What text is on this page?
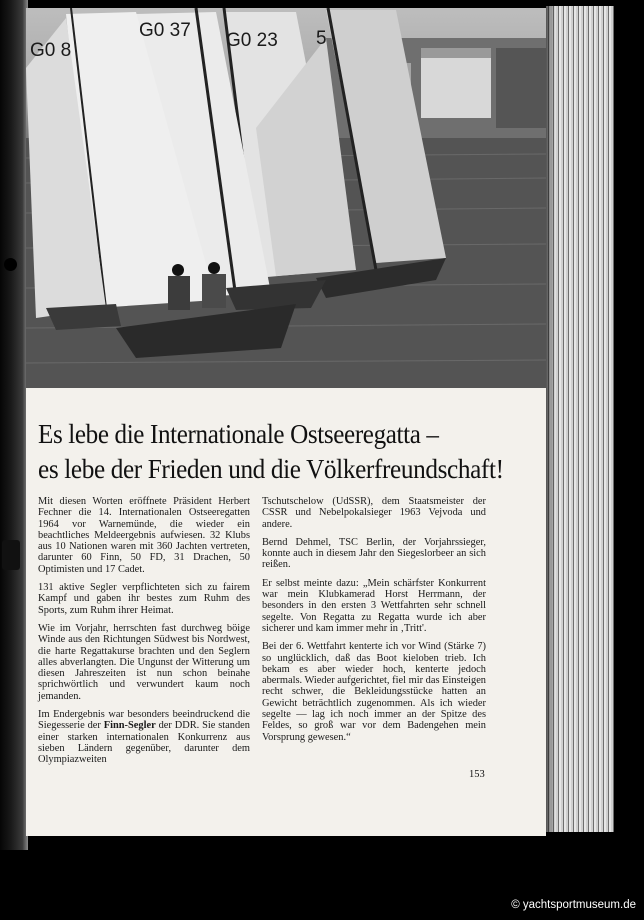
G0 8
G0 37 G0 23 5
Es lebe die Internationale Ostseeregatta –
es lebe der Frieden und die Völkerfreundschaft!

Mit diesen Worten eröffnete Präsident Herbert Fechner die 14. Internationalen Ostseeregatten 1964 vor Warnemünde, die wieder ein beachtliches Meldeergebnis aufwiesen. 32 Klubs aus 10 Nationen waren mit 360 Jachten vertreten, darunter 60 Finn, 50 FD, 31 Drachen, 50 Optimisten und 17 Cadet.

131 aktive Segler verpflichteten sich zu fairem Kampf und gaben ihr bestes zum Ruhm des Sports, zum Ruhm ihrer Heimat.

Wie im Vorjahr, herrschten fast durchweg böige Winde aus den Richtungen Südwest bis Nordwest, die harte Regattakurse brachten und den Seglern alles abverlangten. Die Ungunst der Witterung um diesen Jahreszeiten ist nun schon beinahe sprichwörtlich und verwundert kaum noch jemanden.

Im Endergebnis war besonders beeindruckend die Siegesserie der Finn-Segler der DDR. Sie standen einer starken internationalen Konkurrenz aus sieben Ländern gegenüber, darunter dem Olympiazweiten

Tschutschelow (UdSSR), dem Staatsmeister der CSSR und Nebelpokalsieger 1963 Vejvoda und andere.

Bernd Dehmel, TSC Berlin, der Vorjahrssieger, konnte auch in diesem Jahr den Siegeslorbeer an sich reißen.

Er selbst meinte dazu: „Mein schärfster Konkurrent war mein Klubkamerad Horst Herrmann, der besonders in den ersten 3 Wettfahrten sehr schnell segelte. Von Regatta zu Regatta wurde ich aber sicherer und kam immer mehr in ‚Tritt'.

Bei der 6. Wettfahrt kenterte ich vor Wind (Stärke 7) so unglücklich, daß das Boot kieloben trieb. Ich bekam es aber wieder hoch, kenterte jedoch abermals. Wieder aufgerichtet, fiel mir das Einsteigen recht schwer, die Bekleidungsstücke hatten an Gewicht beträchtlich zugenommen. Als ich wieder segelte — lag ich noch immer an der Spitze des Feldes, so groß war vor dem Badengehen mein Vorsprung gewesen.“

153
© yachtsportmuseum.de
